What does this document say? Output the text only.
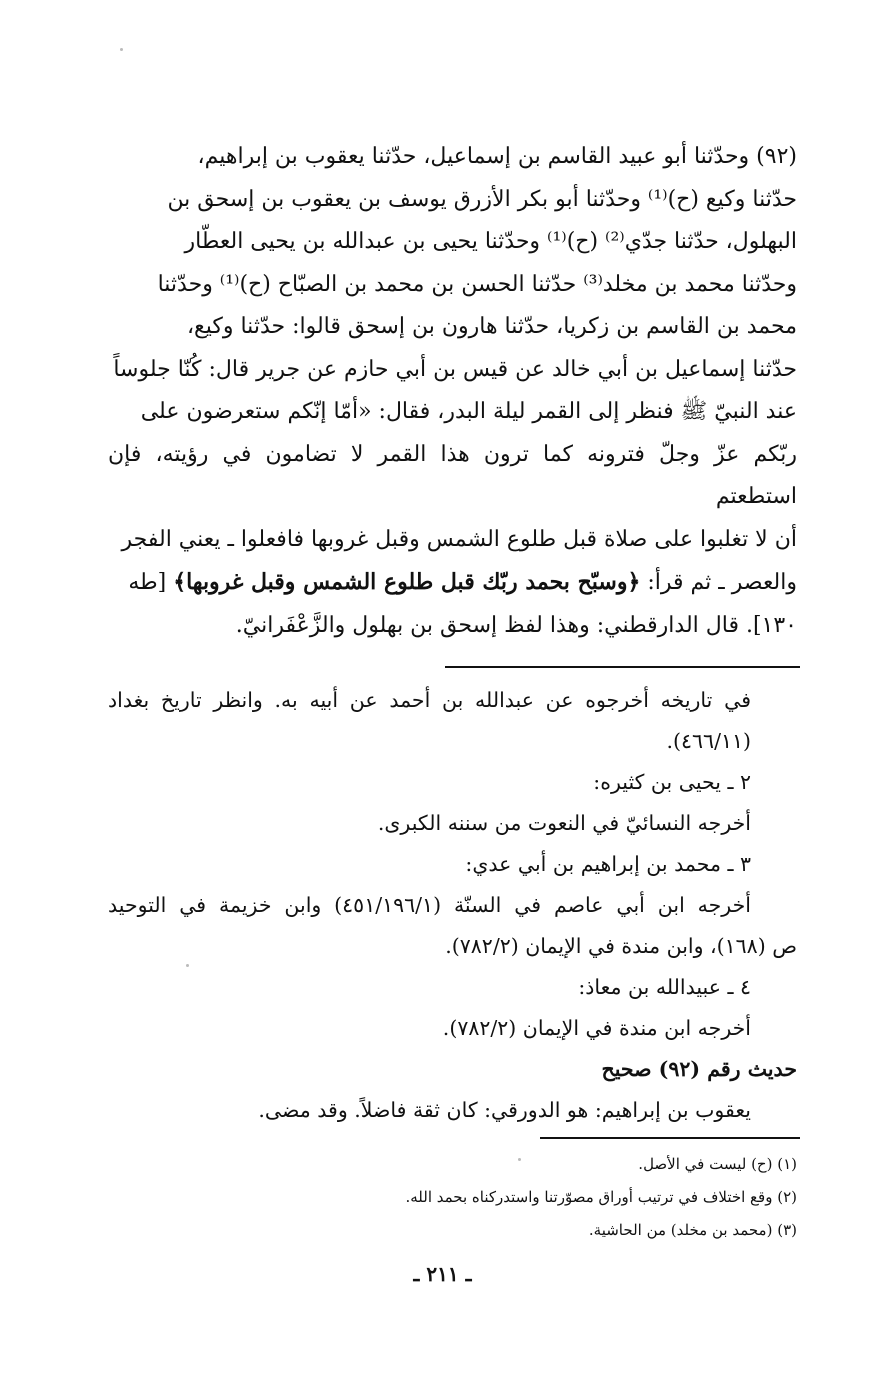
(٩٢) وحدّثنا أبو عبيد القاسم بن إسماعيل، حدّثنا يعقوب بن إبراهيم،

حدّثنا وكيع (ح)⁽¹⁾ وحدّثنا أبو بكر الأزرق يوسف بن يعقوب بن إسحق بن

البهلول، حدّثنا جدّي⁽²⁾ (ح)⁽¹⁾ وحدّثنا يحيى بن عبدالله بن يحيى العطّار

وحدّثنا محمد بن مخلد⁽³⁾ حدّثنا الحسن بن محمد بن الصبّاح (ح)⁽¹⁾ وحدّثنا

محمد بن القاسم بن زكريا، حدّثنا هارون بن إسحق قالوا: حدّثنا وكيع،

حدّثنا إسماعيل بن أبي خالد عن قيس بن أبي حازم عن جرير قال: كُنّا جلوساً

عند النبيّ ﷺ فنظر إلى القمر ليلة البدر، فقال: «أمّا إنّكم ستعرضون على

ربّكم عزّ وجلّ فترونه كما ترون هذا القمر لا تضامون في رؤيته، فإن استطعتم

أن لا تغلبوا على صلاة قبل طلوع الشمس وقبل غروبها فافعلوا ـ يعني الفجر

والعصر ـ ثم قرأ: ﴿وسبّح بحمد ربّك قبل طلوع الشمس وقبل غروبها﴾ [طه

١٣٠]. قال الدارقطني: وهذا لفظ إسحق بن بهلول والزَّعْفَرانيّ.

في تاريخه أخرجوه عن عبدالله بن أحمد عن أبيه به. وانظر تاريخ بغداد
(٤٦٦/١١).
٢ ـ يحيى بن كثيره:
أخرجه النسائيّ في النعوت من سننه الكبرى.
٣ ـ محمد بن إبراهيم بن أبي عدي:
أخرجه ابن أبي عاصم في السنّة (٤٥١/١٩٦/١) وابن خزيمة في التوحيد
ص (١٦٨)، وابن مندة في الإيمان (٧٨٢/٢).
٤ ـ عبيدالله بن معاذ:
أخرجه ابن مندة في الإيمان (٧٨٢/٢).
حديث رقم (٩٢) صحيح
يعقوب بن إبراهيم: هو الدورقي: كان ثقة فاضلاً. وقد مضى.
(١) (ح) ليست في الأصل.
(٢) وقع اختلاف في ترتيب أوراق مصوّرتنا واستدركناه بحمد الله.
(٣) (محمد بن مخلد) من الحاشية.
ـ ٢١١ ـ
